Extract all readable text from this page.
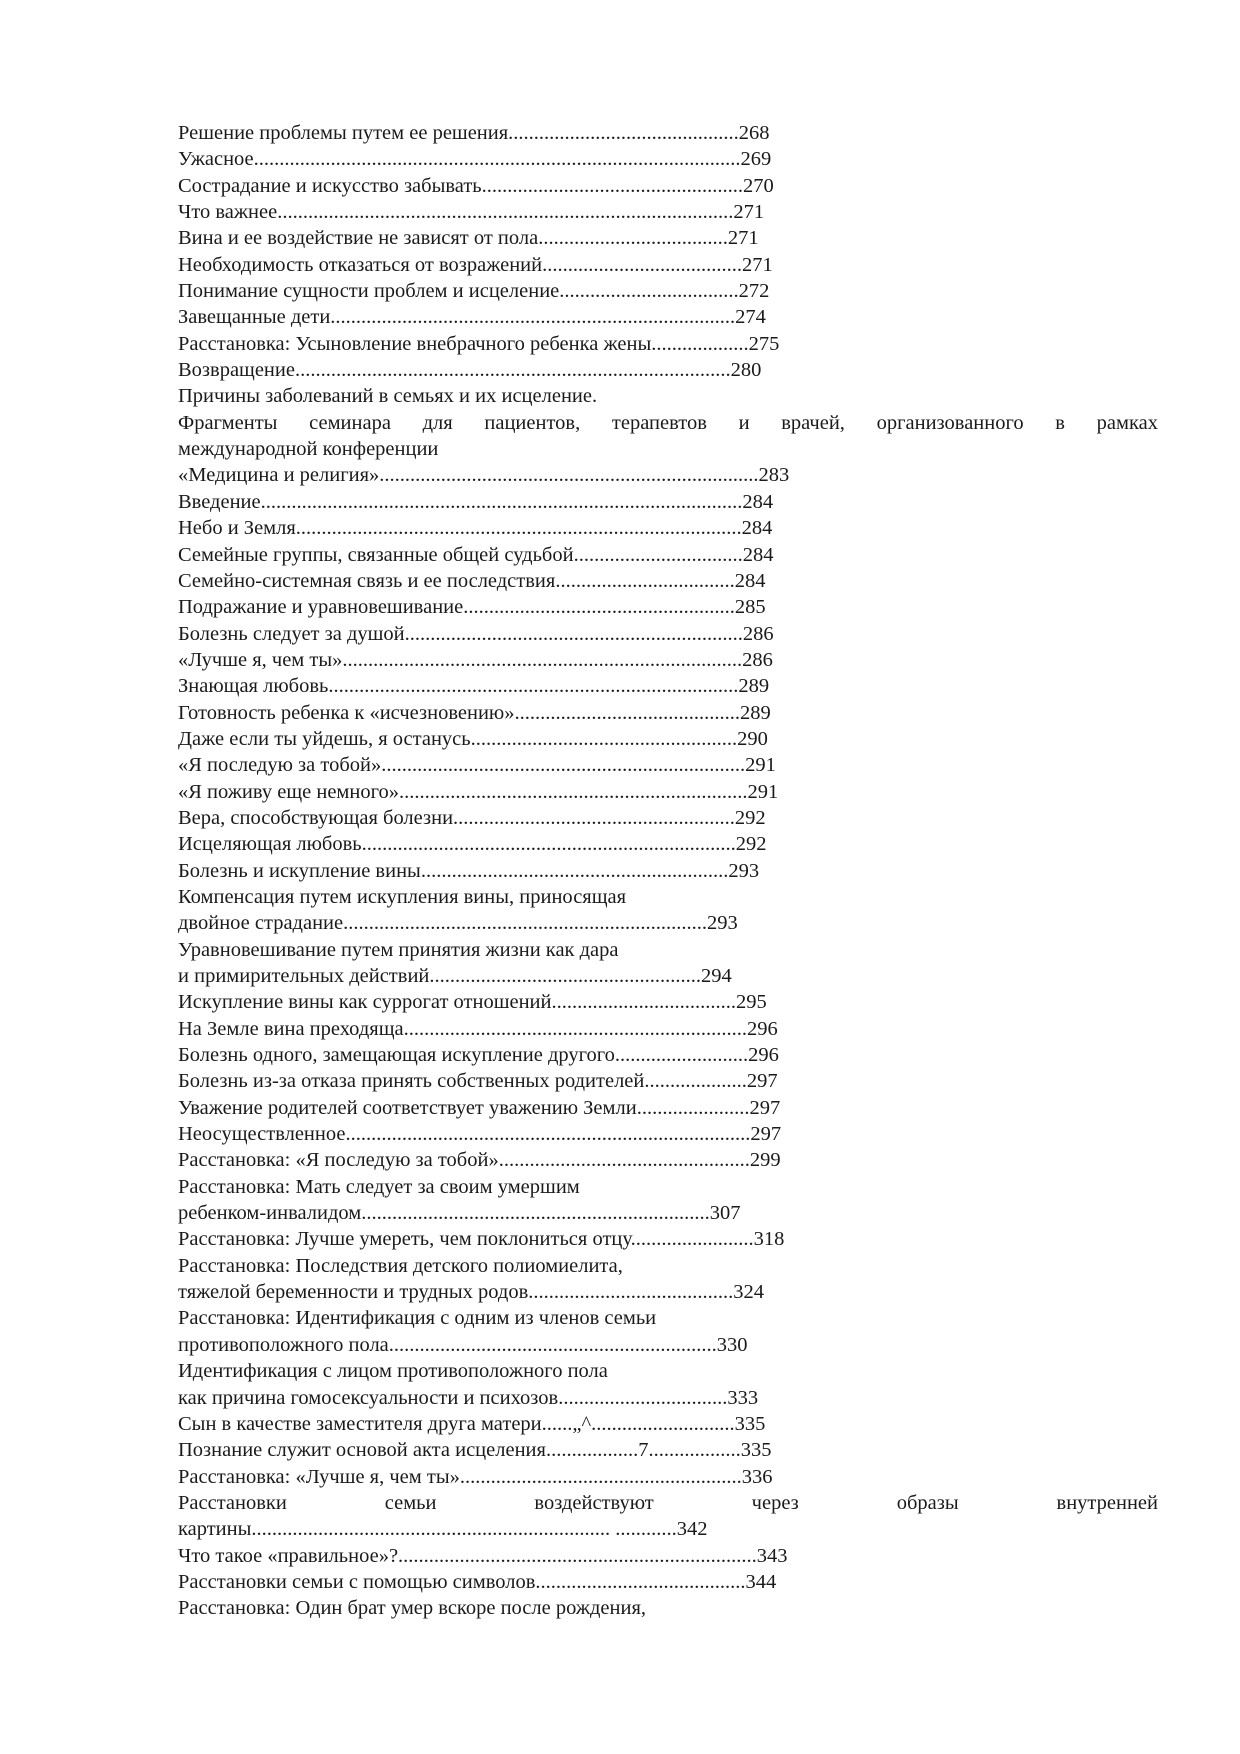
Решение проблемы путем ее решения.............................................268
Ужасное...............................................................................................269
Сострадание и искусство забывать...................................................270
Что важнее.........................................................................................271
Вина и ее воздействие не зависят от пола.....................................271
Необходимость отказаться от возражений.......................................271
Понимание сущности проблем и исцеление...................................272
Завещанные дети...............................................................................274
Расстановка: Усыновление внебрачного ребенка жены...................275
Возвращение.....................................................................................280
Причины заболеваний в семьях и их исцеление.
Фрагменты семинара для пациентов, терапевтов и врачей, организованного в рамках
международной конференции
«Медицина и религия»..........................................................................283
Введение..............................................................................................284
Небо и Земля.......................................................................................284
Семейные группы, связанные общей судьбой.................................284
Семейно-системная связь и ее последствия...................................284
Подражание и уравновешивание.....................................................285
Болезнь следует за душой..................................................................286
«Лучше я, чем ты»..............................................................................286
Знающая любовь................................................................................289
Готовность ребенка к «исчезновению»............................................289
Даже если ты уйдешь, я останусь....................................................290
«Я последую за тобой».......................................................................291
«Я поживу еще немного»....................................................................291
Вера, способствующая болезни.......................................................292
Исцеляющая любовь.........................................................................292
Болезнь и искупление вины............................................................293
Компенсация путем искупления вины, приносящая
двойное страдание.......................................................................293
Уравновешивание путем принятия жизни как дара
и примирительных действий.....................................................294
Искупление вины как суррогат отношений....................................295
На Земле вина преходяща...................................................................296
Болезнь одного, замещающая искупление другого..........................296
Болезнь из-за отказа принять собственных родителей....................297
Уважение родителей соответствует уважению Земли......................297
Неосуществленное...............................................................................297
Расстановка: «Я последую за тобой».................................................299
Расстановка: Мать следует за своим умершим
ребенком-инвалидом....................................................................307
Расстановка: Лучше умереть, чем поклониться отцу........................318
Расстановка: Последствия детского полиомиелита,
тяжелой беременности и трудных родов........................................324
Расстановка: Идентификация с одним из членов семьи
противоположного пола................................................................330
Идентификация с лицом противоположного пола
как причина гомосексуальности и психозов.................................333
Сын в качестве заместителя друга матери......„^............................335
Познание служит основой акта исцеления..................7..................335
Расстановка: «Лучше я, чем ты».......................................................336
Расстановки семьи воздействуют через образы внутренней
картины...................................................................... ............342
Что такое «правильное»?......................................................................343
Расстановки семьи с помощью символов.........................................344
Расстановка: Один брат умер вскоре после рождения,
